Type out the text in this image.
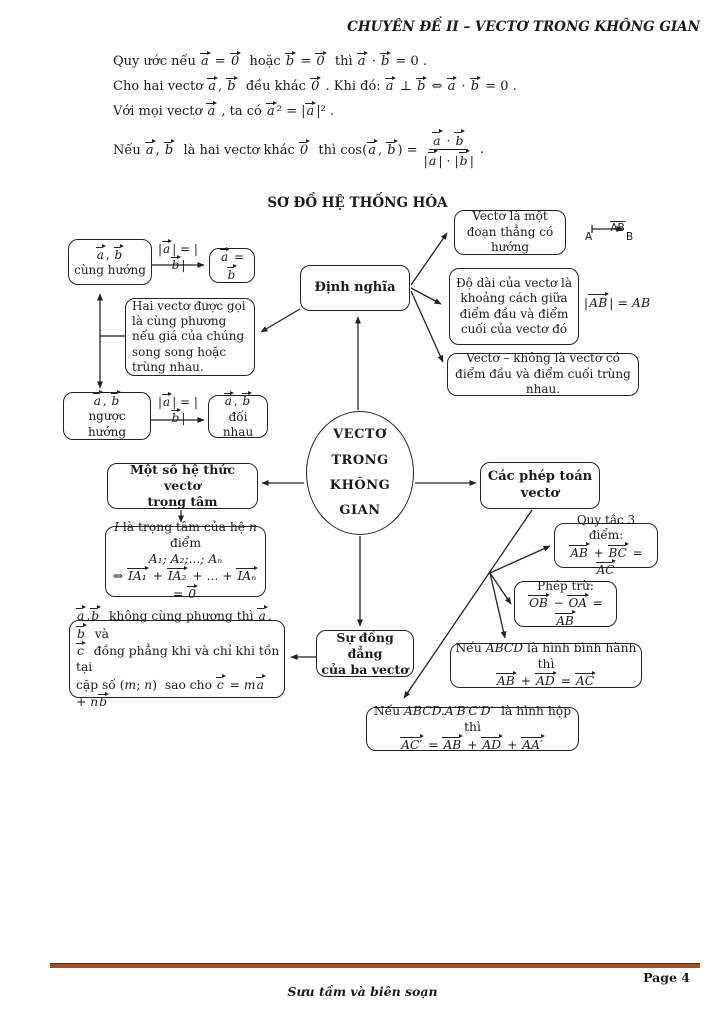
CHUYÊN ĐỀ II – VECTƠ TRONG KHÔNG GIAN
Quy ước nếu a = 0  hoặc b = 0  thì a · b = 0 .
Cho hai vectơ a , b  đều khác 0 . Khi đó: a ⊥ b ⇔ a · b = 0 .
Với mọi vectơ a , ta có a ² = |a |² .
Nếu a , b  là hai vectơ khác 0  thì cos(a , b ) = $\frac{a \cdot b}{|a | \cdot |b |}$ .
SƠ ĐỒ HỆ THỐNG HÓA
a , b
cùng hướng
|a | = |b |
a = b
Hai vectơ được gọi là cùng phương nếu giá của chúng song song hoặc trùng nhau.
Định nghĩa
Vectơ là một đoạn thẳng có hướng

AB

A	B
Độ dài của vectơ là khoảng cách giữa điểm đầu và điểm cuối của vectơ đó
|AB | = AB
Vectơ – không là vectơ có điểm đầu và điểm cuối trùng nhau.
a , b
ngược hướng
|a | = |b |
a , b
đối nhau	VECTƠ
TRONG
KHÔNG
GIAN
Một số hệ thức vectơ
trọng tâm
I là trọng tâm của hệ n điểm
A₁; A₂;...; Aₙ
⇔ IA₁ + IA₂ + ... + IAₙ = 0
Các phép toán
vectơ
Quy tắc 3 điểm:
AB + BC = AC
Phép trừ:
OB − OA = AB
Nếu ABCD là hình bình hành thì
AB + AD = AC
Nếu ABCD.A′B′C′D′  là hình hộp thì
AC′ = AB + AD + AA′
Sự đồng đẳng
của ba vectơ
a ,b  không cùng phương thì a ,b  và
c  đồng phẳng khi và chỉ khi tồn tại
cặp số (m; n)  sao cho c = ma + nb
Page 4
Sưu tầm và biên soạn
